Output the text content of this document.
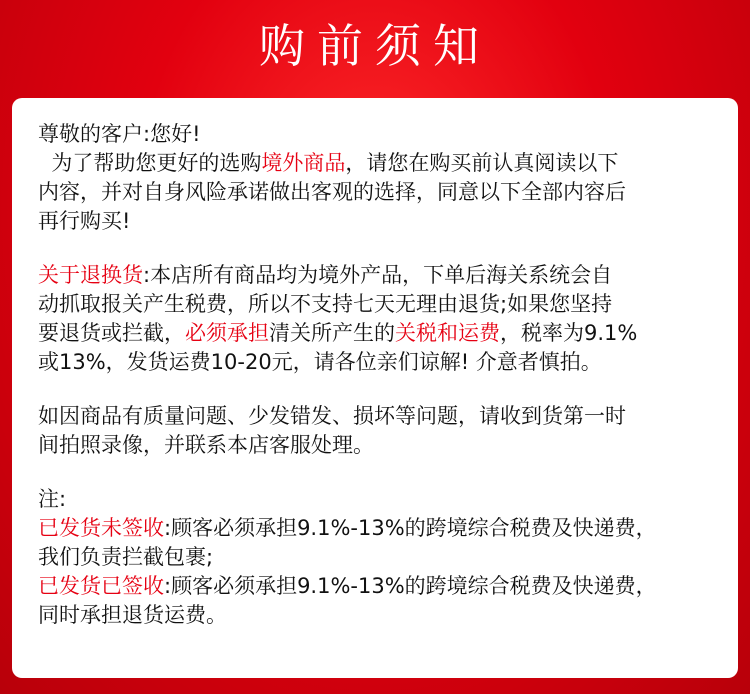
购前须知
尊敬的客户:您好!
为了帮助您更好的选购境外商品，请您在购买前认真阅读以下
内容，并对自身风险承诺做出客观的选择，同意以下全部内容后
再行购买!
关于退换货:本店所有商品均为境外产品，下单后海关系统会自
动抓取报关产生税费，所以不支持七天无理由退货;如果您坚持
要退货或拦截，必须承担清关所产生的关税和运费，税率为9.1%
或13%，发货运费10-20元，请各位亲们谅解! 介意者慎拍。
如因商品有质量问题、少发错发、损坏等问题，请收到货第一时
间拍照录像，并联系本店客服处理。
注:
已发货未签收:顾客必须承担9.1%-13%的跨境综合税费及快递费，
我们负责拦截包裹;
已发货已签收:顾客必须承担9.1%-13%的跨境综合税费及快递费，
同时承担退货运费。
